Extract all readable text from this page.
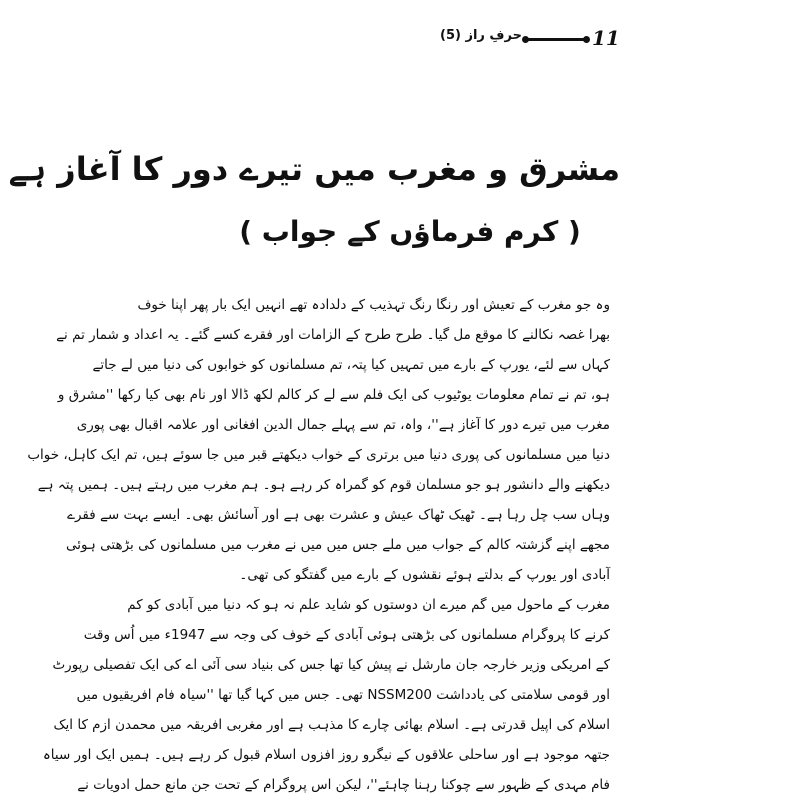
حرفِ راز (5)	11
مشرق و مغرب میں تیرے دور کا آغاز ہے
( کرم فرماؤں کے جواب )
وہ جو مغرب کے تعیش اور رنگا رنگ تہذیب کے دلدادہ تھے انہیں ایک بار پھر اپنا خوف
بھرا غصہ نکالنے کا موقع مل گیا۔ طرح طرح کے الزامات اور فقرے کسے گئے۔ یہ اعداد و شمار تم نے
کہاں سے لئے، یورپ کے بارے میں تمہیں کیا پتہ، تم مسلمانوں کو خوابوں کی دنیا میں لے جاتے
ہو، تم نے تمام معلومات یوٹیوب کی ایک فلم سے لے کر کالم لکھ ڈالا اور نام بھی کیا رکھا ''مشرق و
مغرب میں تیرے دور کا آغاز ہے''، واہ، تم سے پہلے جمال الدین افغانی اور علامہ اقبال بھی پوری
دنیا میں مسلمانوں کی پوری دنیا میں برتری کے خواب دیکھتے قبر میں جا سوئے ہیں، تم ایک کاہل، خواب
دیکھنے والے دانشور ہو جو مسلمان قوم کو گمراہ کر رہے ہو۔ ہم مغرب میں رہتے ہیں۔ ہمیں پتہ ہے
وہاں سب چل رہا ہے۔ ٹھیک ٹھاک عیش و عشرت بھی ہے اور آسائش بھی۔ ایسے بہت سے فقرے
مجھے اپنے گزشتہ کالم کے جواب میں ملے جس میں میں نے مغرب میں مسلمانوں کی بڑھتی ہوئی
آبادی اور یورپ کے بدلتے ہوئے نقشوں کے بارے میں گفتگو کی تھی۔
مغرب کے ماحول میں گم میرے ان دوستوں کو شاید علم نہ ہو کہ دنیا میں آبادی کو کم
کرنے کا پروگرام مسلمانوں کی بڑھتی ہوئی آبادی کے خوف کی وجہ سے 1947ء میں اُس وقت
کے امریکی وزیر خارجہ جان مارشل نے پیش کیا تھا جس کی بنیاد سی آئی اے کی ایک تفصیلی رپورٹ
اور قومی سلامتی کی یادداشت NSSM200 تھی۔ جس میں کہا گیا تھا ''سیاہ فام افریقیوں میں
اسلام کی اپیل قدرتی ہے۔ اسلام بھائی چارے کا مذہب ہے اور مغربی افریقہ میں محمدن ازم کا ایک
جتھہ موجود ہے اور ساحلی علاقوں کے نیگرو روز افزوں اسلام قبول کر رہے ہیں۔ ہمیں ایک اور سیاہ
فام مہدی کے ظہور سے چوکنا رہنا چاہئے''، لیکن اس پروگرام کے تحت جن مانع حمل ادویات نے
